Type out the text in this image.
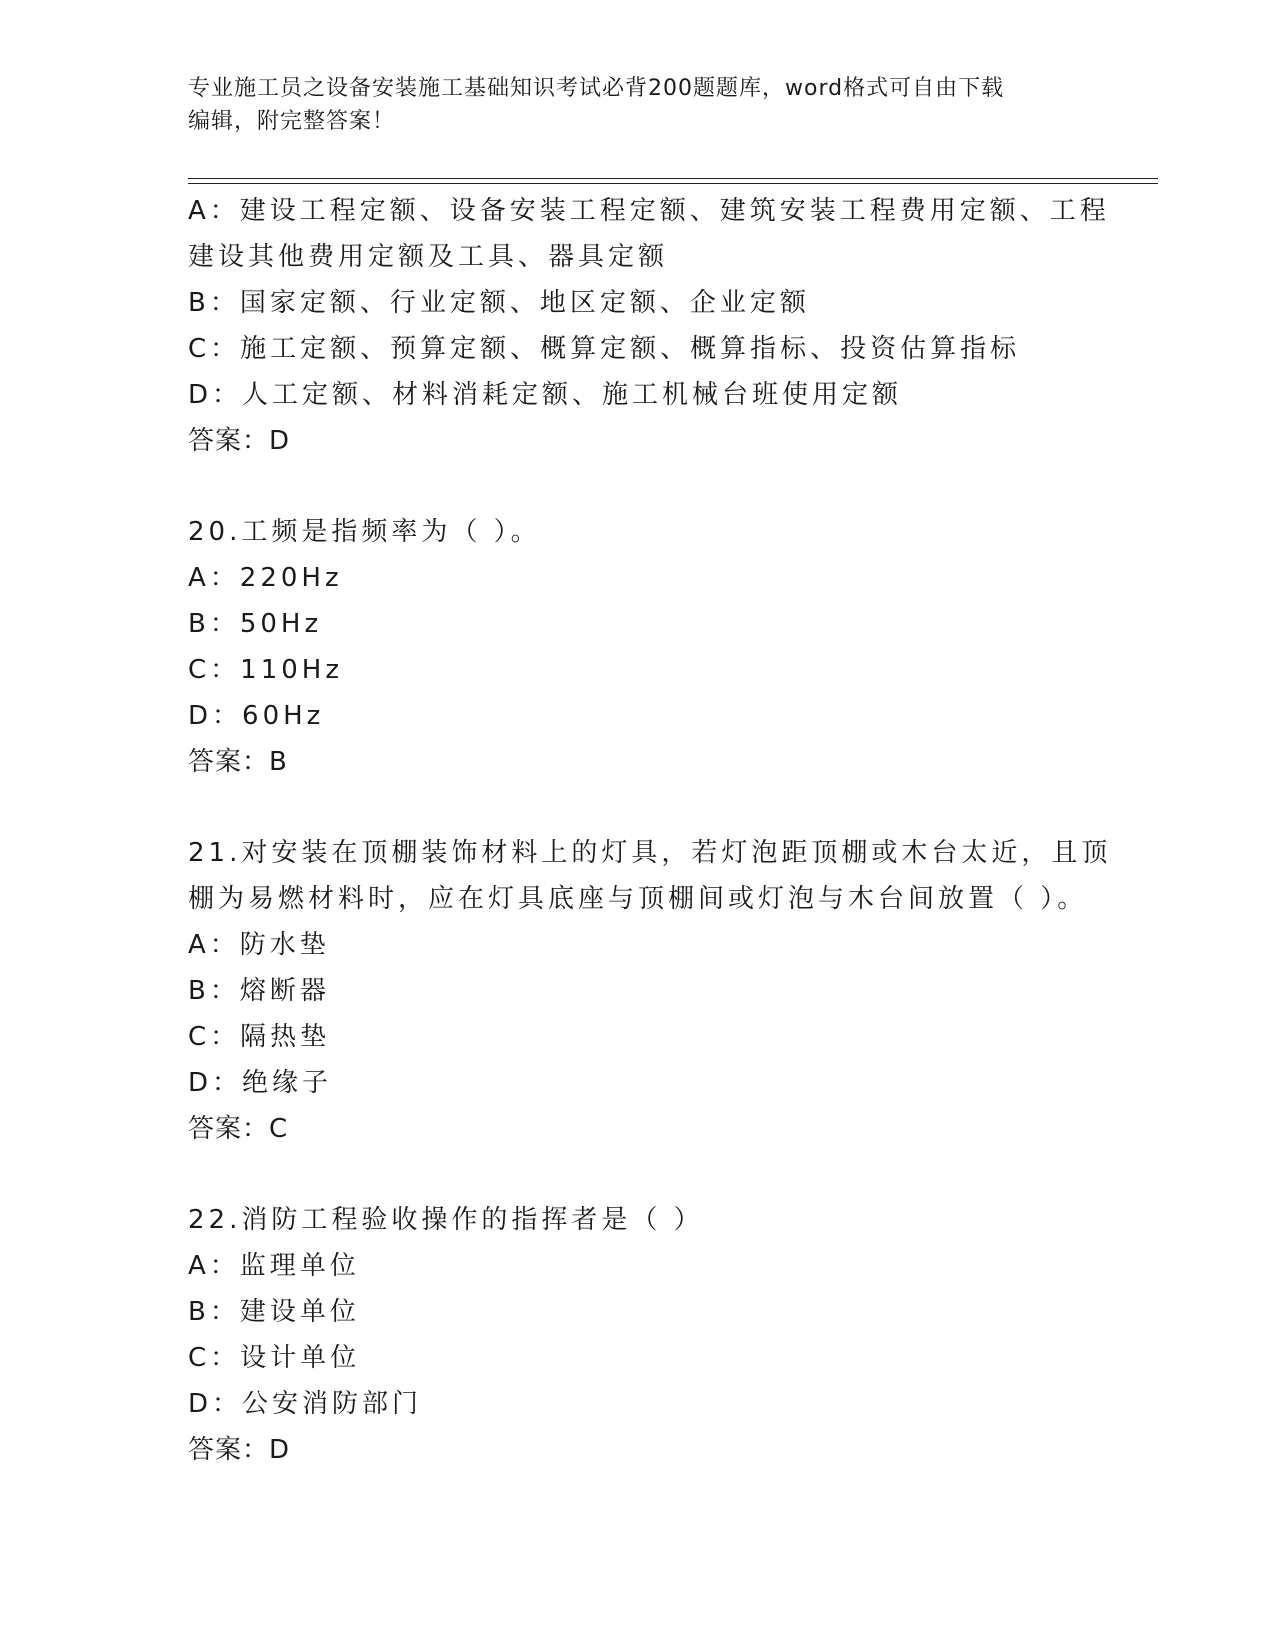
专业施工员之设备安装施工基础知识考试必背200题题库，word格式可自由下载
编辑，附完整答案！
A：建设工程定额、设备安装工程定额、建筑安装工程费用定额、工程
建设其他费用定额及工具、器具定额
B：国家定额、行业定额、地区定额、企业定额
C：施工定额、预算定额、概算定额、概算指标、投资估算指标
D：人工定额、材料消耗定额、施工机械台班使用定额
答案：D
20.工频是指频率为（ ）。
A：220Hz
B：50Hz
C：110Hz
D：60Hz
答案：B
21.对安装在顶棚装饰材料上的灯具，若灯泡距顶棚或木台太近，且顶
棚为易燃材料时，应在灯具底座与顶棚间或灯泡与木台间放置（ ）。
A：防水垫
B：熔断器
C：隔热垫
D：绝缘子
答案：C
22.消防工程验收操作的指挥者是（ ）
A：监理单位
B：建设单位
C：设计单位
D：公安消防部门
答案：D
